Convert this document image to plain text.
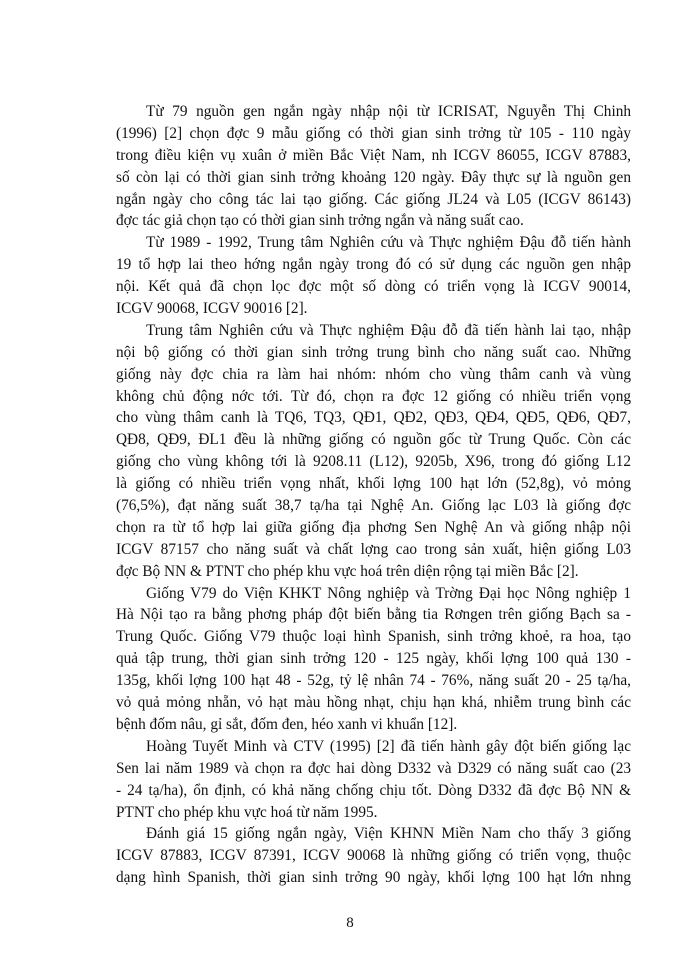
Từ 79 nguồn gen ngắn ngày nhập nội từ ICRISAT, Nguyễn Thị Chinh
(1996) [2] chọn đợc 9 mẫu giống có thời gian sinh trởng từ 105 - 110 ngày
trong điều kiện vụ xuân ở miền Bắc Việt Nam, nh ICGV 86055, ICGV 87883,
số còn lại có thời gian sinh trởng khoảng 120 ngày. Đây thực sự là nguồn gen
ngắn ngày cho công tác lai tạo giống. Các giống JL24 và L05 (ICGV 86143)
đợc tác giả chọn tạo có thời gian sinh trởng ngắn và năng suất cao.

Từ 1989 - 1992, Trung tâm Nghiên cứu và Thực nghiệm Đậu đỗ tiến hành
19 tổ hợp lai theo hớng ngắn ngày trong đó có sử dụng các nguồn gen nhập
nội. Kết quả đã chọn lọc đợc một số dòng có triển vọng là ICGV 90014,
ICGV 90068, ICGV 90016 [2].

Trung tâm Nghiên cứu và Thực nghiệm Đậu đỗ đã tiến hành lai tạo, nhập
nội bộ giống có thời gian sinh trởng trung bình cho năng suất cao. Những
giống này đợc chia ra làm hai nhóm: nhóm cho vùng thâm canh và vùng
không chủ động nớc tới. Từ đó, chọn ra đợc 12 giống có nhiều triển vọng
cho vùng thâm canh là TQ6, TQ3, QĐ1, QĐ2, QĐ3, QĐ4, QĐ5, QĐ6, QĐ7,
QĐ8, QĐ9, ĐL1 đều là những giống có nguồn gốc từ Trung Quốc. Còn các
giống cho vùng không tới là 9208.11 (L12), 9205b, X96, trong đó giống L12
là giống có nhiều triển vọng nhất, khối lợng 100 hạt lớn (52,8g), vỏ mỏng
(76,5%), đạt năng suất 38,7 tạ/ha tại Nghệ An. Giống lạc L03 là giống đợc
chọn ra từ tổ hợp lai giữa giống địa phơng Sen Nghệ An và giống nhập nội
ICGV 87157 cho năng suất và chất lợng cao trong sản xuất, hiện giống L03
đợc Bộ NN & PTNT cho phép khu vực hoá trên diện rộng tại miền Bắc [2].

Giống V79 do Viện KHKT Nông nghiệp và Trờng Đại học Nông nghiệp 1
Hà Nội tạo ra bằng phơng pháp đột biến bằng tia Rơngen trên giống Bạch sa -
Trung Quốc. Giống V79 thuộc loại hình Spanish, sinh trởng khoẻ, ra hoa, tạo
quả tập trung, thời gian sinh trởng 120 - 125 ngày, khối lợng 100 quả 130 -
135g, khối lợng 100 hạt 48 - 52g, tỷ lệ nhân 74 - 76%, năng suất 20 - 25 tạ/ha,
vỏ quả mỏng nhẵn, vỏ hạt màu hồng nhạt, chịu hạn khá, nhiễm trung bình các
bệnh đốm nâu, gỉ sắt, đốm đen, héo xanh vi khuẩn [12].

Hoàng Tuyết Minh và CTV (1995) [2] đã tiến hành gây đột biến giống lạc
Sen lai năm 1989 và chọn ra đợc hai dòng D332 và D329 có năng suất cao (23
- 24 tạ/ha), ổn định, có khả năng chống chịu tốt. Dòng D332 đã đợc Bộ NN &
PTNT cho phép khu vực hoá từ năm 1995.

Đánh giá 15 giống ngắn ngày, Viện KHNN Miền Nam cho thấy 3 giống
ICGV 87883, ICGV 87391, ICGV 90068 là những giống có triển vọng, thuộc
dạng hình Spanish, thời gian sinh trởng 90 ngày, khối lợng 100 hạt lớn nhng

8
